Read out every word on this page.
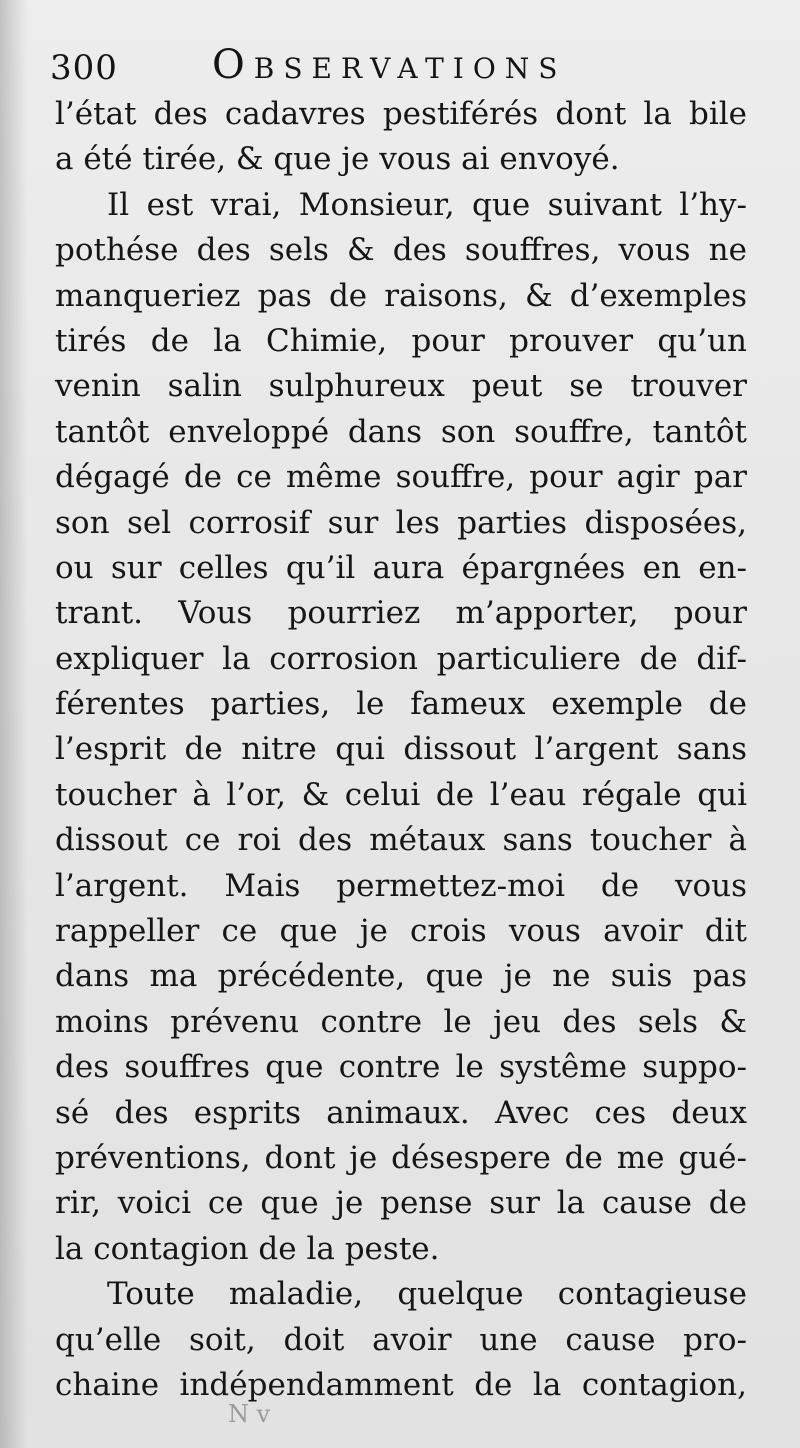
300 Observations
l’état des cadavres pestiférés dont la bile
a été tirée, & que je vous ai envoyé.
Il est vrai, Monsieur, que suivant l’hy-
pothése des sels & des souffres, vous ne
manqueriez pas de raisons, & d’exemples
tirés de la Chimie, pour prouver qu’un
venin salin sulphureux peut se trouver
tantôt enveloppé dans son souffre, tantôt
dégagé de ce même souffre, pour agir par
son sel corrosif sur les parties disposées,
ou sur celles qu’il aura épargnées en en-
trant. Vous pourriez m’apporter, pour
expliquer la corrosion particuliere de dif-
férentes parties, le fameux exemple de
l’esprit de nitre qui dissout l’argent sans
toucher à l’or, & celui de l’eau régale qui
dissout ce roi des métaux sans toucher à
l’argent. Mais permettez-moi de vous
rappeller ce que je crois vous avoir dit
dans ma précédente, que je ne suis pas
moins prévenu contre le jeu des sels &
des souffres que contre le systême suppo-
sé des esprits animaux. Avec ces deux
préventions, dont je désespere de me gué-
rir, voici ce que je pense sur la cause de
la contagion de la peste.
Toute maladie, quelque contagieuse
qu’elle soit, doit avoir une cause pro-
chaine indépendamment de la contagion,
N v
